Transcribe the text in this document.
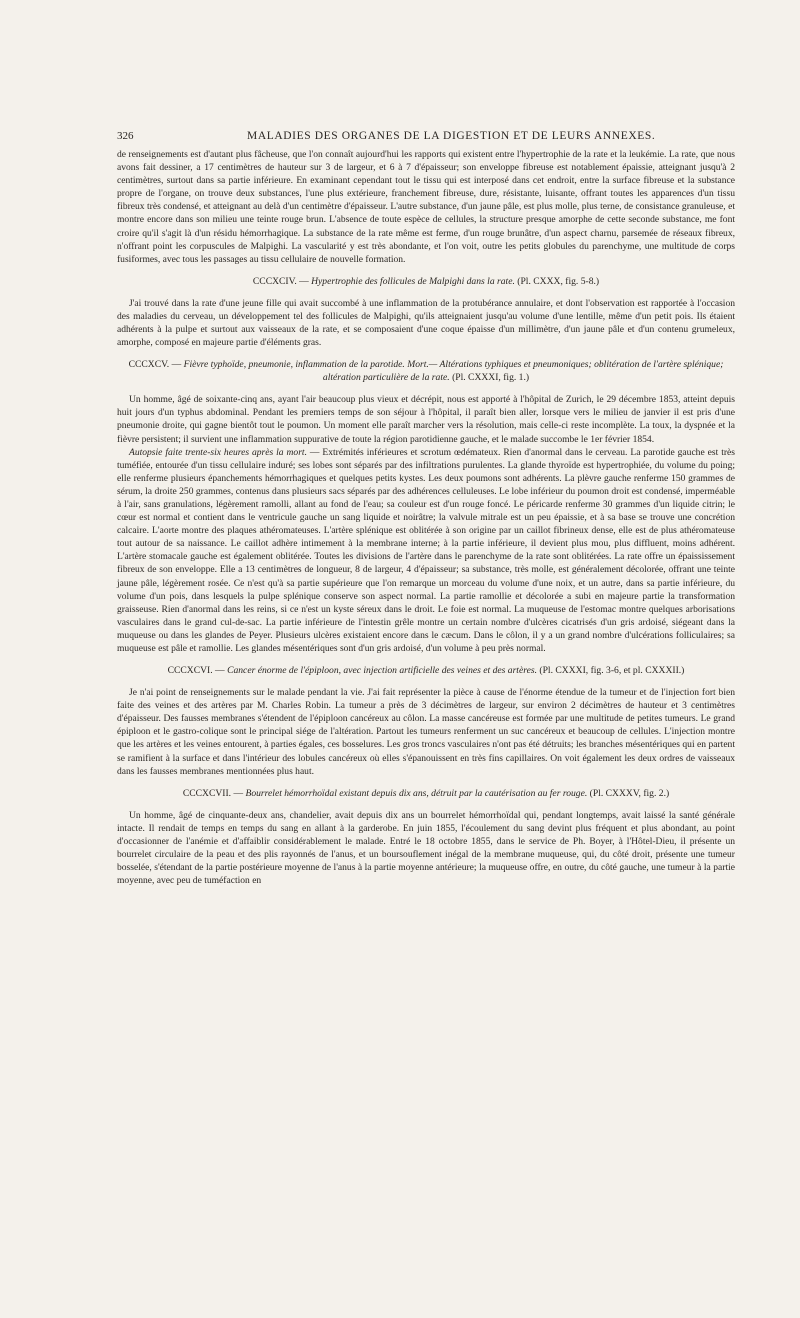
326	MALADIES DES ORGANES DE LA DIGESTION ET DE LEURS ANNEXES.

de renseignements est d'autant plus fâcheuse, que l'on connaît aujourd'hui les rapports qui existent entre l'hypertrophie de la rate et la leukémie. La rate, que nous avons fait dessiner, a 17 centimètres de hauteur sur 3 de largeur, et 6 à 7 d'épaisseur; son enveloppe fibreuse est notablement épaissie, atteignant jusqu'à 2 centimètres, surtout dans sa partie inférieure. En examinant cependant tout le tissu qui est interposé dans cet endroit, entre la surface fibreuse et la substance propre de l'organe, on trouve deux substances, l'une plus extérieure, franchement fibreuse, dure, résistante, luisante, offrant toutes les apparences d'un tissu fibreux très condensé, et atteignant au delà d'un centimètre d'épaisseur. L'autre substance, d'un jaune pâle, est plus molle, plus terne, de consistance granuleuse, et montre encore dans son milieu une teinte rouge brun. L'absence de toute espèce de cellules, la structure presque amorphe de cette seconde substance, me font croire qu'il s'agit là d'un résidu hémorrhagique. La substance de la rate même est ferme, d'un rouge brunâtre, d'un aspect charnu, parsemée de réseaux fibreux, n'offrant point les corpuscules de Malpighi. La vascularité y est très abondante, et l'on voit, outre les petits globules du parenchyme, une multitude de corps fusiformes, avec tous les passages au tissu cellulaire de nouvelle formation.

CCCXCIV. — Hypertrophie des follicules de Malpighi dans la rate. (Pl. CXXX, fig. 5-8.)

J'ai trouvé dans la rate d'une jeune fille qui avait succombé à une inflammation de la protubérance annulaire, et dont l'observation est rapportée à l'occasion des maladies du cerveau, un développement tel des follicules de Malpighi, qu'ils atteignaient jusqu'au volume d'une lentille, même d'un petit pois. Ils étaient adhérents à la pulpe et surtout aux vaisseaux de la rate, et se composaient d'une coque épaisse d'un millimètre, d'un jaune pâle et d'un contenu grumeleux, amorphe, composé en majeure partie d'éléments gras.

CCCXCV. — Fièvre typhoïde, pneumonie, inflammation de la parotide. Mort.— Altérations typhiques et pneumoniques; oblitération de l'artère splénique; altération particulière de la rate. (Pl. CXXXI, fig. 1.)

Un homme, âgé de soixante-cinq ans, ayant l'air beaucoup plus vieux et décrépit, nous est apporté à l'hôpital de Zurich, le 29 décembre 1853, atteint depuis huit jours d'un typhus abdominal. Pendant les premiers temps de son séjour à l'hôpital, il paraît bien aller, lorsque vers le milieu de janvier il est pris d'une pneumonie droite, qui gagne bientôt tout le poumon. Un moment elle paraît marcher vers la résolution, mais celle-ci reste incomplète. La toux, la dyspnée et la fièvre persistent; il survient une inflammation suppurative de toute la région parotidienne gauche, et le malade succombe le 1er février 1854.

Autopsie faite trente-six heures après la mort. — Extrémités inférieures et scrotum œdémateux. Rien d'anormal dans le cerveau. La parotide gauche est très tuméfiée, entourée d'un tissu cellulaire induré; ses lobes sont séparés par des infiltrations purulentes. La glande thyroïde est hypertrophiée, du volume du poing; elle renferme plusieurs épanchements hémorrhagiques et quelques petits kystes. Les deux poumons sont adhérents. La plèvre gauche renferme 150 grammes de sérum, la droite 250 grammes, contenus dans plusieurs sacs séparés par des adhérences celluleuses. Le lobe inférieur du poumon droit est condensé, imperméable à l'air, sans granulations, légèrement ramolli, allant au fond de l'eau; sa couleur est d'un rouge foncé. Le péricarde renferme 30 grammes d'un liquide citrin; le cœur est normal et contient dans le ventricule gauche un sang liquide et noirâtre; la valvule mitrale est un peu épaissie, et à sa base se trouve une concrétion calcaire. L'aorte montre des plaques athéromateuses. L'artère splénique est oblitérée à son origine par un caillot fibrineux dense, elle est de plus athéromateuse tout autour de sa naissance. Le caillot adhère intimement à la membrane interne; à la partie inférieure, il devient plus mou, plus diffluent, moins adhérent. L'artère stomacale gauche est également oblitérée. Toutes les divisions de l'artère dans le parenchyme de la rate sont oblitérées. La rate offre un épaississement fibreux de son enveloppe. Elle a 13 centimètres de longueur, 8 de largeur, 4 d'épaisseur; sa substance, très molle, est généralement décolorée, offrant une teinte jaune pâle, légèrement rosée. Ce n'est qu'à sa partie supérieure que l'on remarque un morceau du volume d'une noix, et un autre, dans sa partie inférieure, du volume d'un pois, dans lesquels la pulpe splénique conserve son aspect normal. La partie ramollie et décolorée a subi en majeure partie la transformation graisseuse. Rien d'anormal dans les reins, si ce n'est un kyste séreux dans le droit. Le foie est normal. La muqueuse de l'estomac montre quelques arborisations vasculaires dans le grand cul-de-sac. La partie inférieure de l'intestin grêle montre un certain nombre d'ulcères cicatrisés d'un gris ardoisé, siégeant dans la muqueuse ou dans les glandes de Peyer. Plusieurs ulcères existaient encore dans le cæcum. Dans le côlon, il y a un grand nombre d'ulcérations folliculaires; sa muqueuse est pâle et ramollie. Les glandes mésentériques sont d'un gris ardoisé, d'un volume à peu près normal.

CCCXCVI. — Cancer énorme de l'épiploon, avec injection artificielle des veines et des artères. (Pl. CXXXI, fig. 3-6, et pl. CXXXII.)

Je n'ai point de renseignements sur le malade pendant la vie. J'ai fait représenter la pièce à cause de l'énorme étendue de la tumeur et de l'injection fort bien faite des veines et des artères par M. Charles Robin. La tumeur a près de 3 décimètres de largeur, sur environ 2 décimètres de hauteur et 3 centimètres d'épaisseur. Des fausses membranes s'étendent de l'épiploon cancéreux au côlon. La masse cancéreuse est formée par une multitude de petites tumeurs. Le grand épiploon et le gastro-colique sont le principal siége de l'altération. Partout les tumeurs renferment un suc cancéreux et beaucoup de cellules. L'injection montre que les artères et les veines entourent, à parties égales, ces bosselures. Les gros troncs vasculaires n'ont pas été détruits; les branches mésentériques qui en partent se ramifient à la surface et dans l'intérieur des lobules cancéreux où elles s'épanouissent en très fins capillaires. On voit également les deux ordres de vaisseaux dans les fausses membranes mentionnées plus haut.

CCCXCVII. — Bourrelet hémorrhoïdal existant depuis dix ans, détruit par la cautérisation au fer rouge. (Pl. CXXXV, fig. 2.)

Un homme, âgé de cinquante-deux ans, chandelier, avait depuis dix ans un bourrelet hémorrhoïdal qui, pendant longtemps, avait laissé la santé générale intacte. Il rendait de temps en temps du sang en allant à la garderobe. En juin 1855, l'écoulement du sang devint plus fréquent et plus abondant, au point d'occasionner de l'anémie et d'affaiblir considérablement le malade. Entré le 18 octobre 1855, dans le service de Ph. Boyer, à l'Hôtel-Dieu, il présente un bourrelet circulaire de la peau et des plis rayonnés de l'anus, et un boursouflement inégal de la membrane muqueuse, qui, du côté droit, présente une tumeur bosselée, s'étendant de la partie postérieure moyenne de l'anus à la partie moyenne antérieure; la muqueuse offre, en outre, du côté gauche, une tumeur à la partie moyenne, avec peu de tuméfaction en
